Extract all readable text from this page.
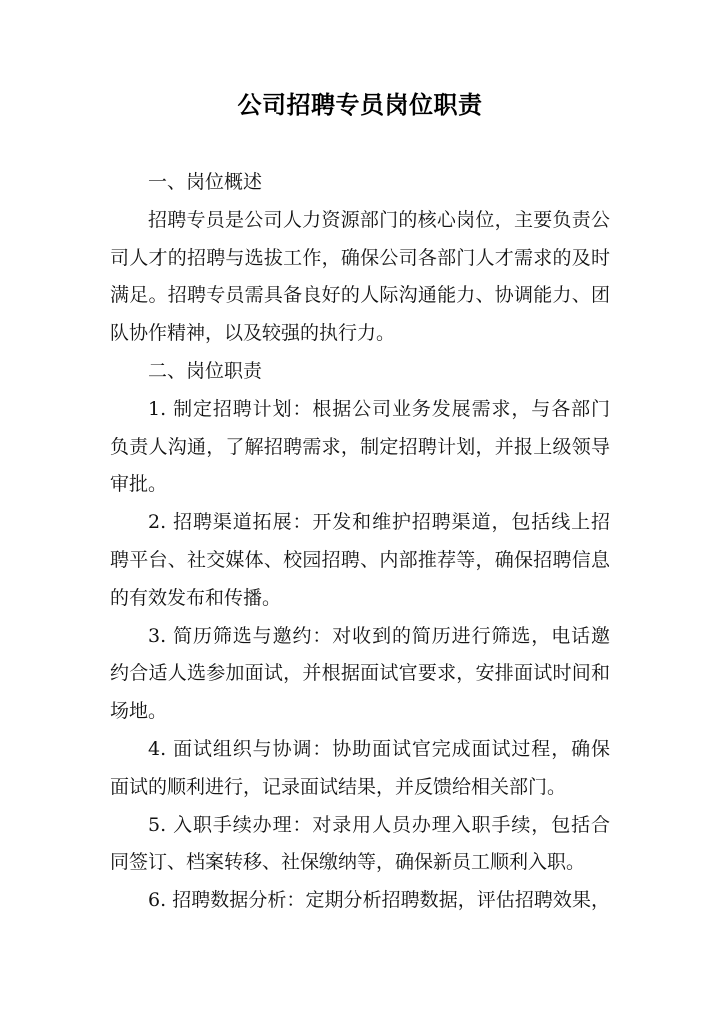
公司招聘专员岗位职责
一、岗位概述
招聘专员是公司人力资源部门的核心岗位，主要负责公
司人才的招聘与选拔工作，确保公司各部门人才需求的及时
满足。招聘专员需具备良好的人际沟通能力、协调能力、团
队协作精神，以及较强的执行力。
二、岗位职责
1. 制定招聘计划：根据公司业务发展需求，与各部门
负责人沟通，了解招聘需求，制定招聘计划，并报上级领导
审批。
2. 招聘渠道拓展：开发和维护招聘渠道，包括线上招
聘平台、社交媒体、校园招聘、内部推荐等，确保招聘信息
的有效发布和传播。
3. 简历筛选与邀约：对收到的简历进行筛选，电话邀
约合适人选参加面试，并根据面试官要求，安排面试时间和
场地。
4. 面试组织与协调：协助面试官完成面试过程，确保
面试的顺利进行，记录面试结果，并反馈给相关部门。
5. 入职手续办理：对录用人员办理入职手续，包括合
同签订、档案转移、社保缴纳等，确保新员工顺利入职。
6. 招聘数据分析：定期分析招聘数据，评估招聘效果，
